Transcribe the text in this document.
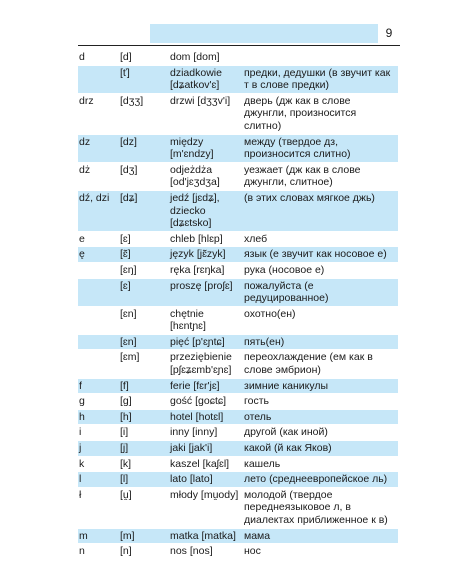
9
d	[d]	dom [dom]	
	[ť]	dziadkowie [dʑatkov'ɛ]	предки, дедушки (в звучит как т в слове предки)
drz	[dʒʒ]	drzwi [dʒʒv'i]	дверь (дж как в слове джунгли, произносится слитно)
dz	[dz]	między [m'ɛndzy]	между (твердое дз, произносится слитно)
dż	[dʒ]	odjeżdża [od'jɛʒdʒa]	уезжает (дж как в слове джунгли, слитное)
dź, dzi	[dʑ]	jedź [jɛdʑ], dziecko [dʑɛtsko]	(в этих словах мягкое джь)
e	[ɛ]	chleb [hlɛp]	хлеб
ę	[ɛ̃]	język [jɛ̃zyk]	язык (е звучит как носовое е)
	[ɛŋ]	ręka [rɛŋka]	рука (носовое е)
	[ɛ]	proszę [proʃɛ]	пожалуйста (е редуцированное)
	[ɛn]	chętnie [hɛntɲɛ]	охотно(ен)
	[ɛn]	pięć [p'ɛɲtɕ]	пять(ен)
	[ɛm]	przeziębienie [pʃɛʑɛmb'ɛɲɛ]	переохлаждение (ем как в слове эмбрион)
f	[f]	ferie [fɛr'jɛ]	зимние каникулы
g	[g]	gość [goɕtɕ]	гость
h	[h]	hotel [hotɛl]	отель
i	[i]	inny [inny]	другой (как иной)
j	[j]	jaki [jak'i]	какой (й как Яков)
k	[k]	kaszel [kaʃɛl]	кашель
l	[l]	lato [lato]	лето (среднеевропейское ль)
ł	[ṷ]	młody [mṷody]	молодой (твердое переднеязыковое л, в диалектах приближенное к в)
m	[m]	matka [matka]	мама
n	[n]	nos [nos]	нос
